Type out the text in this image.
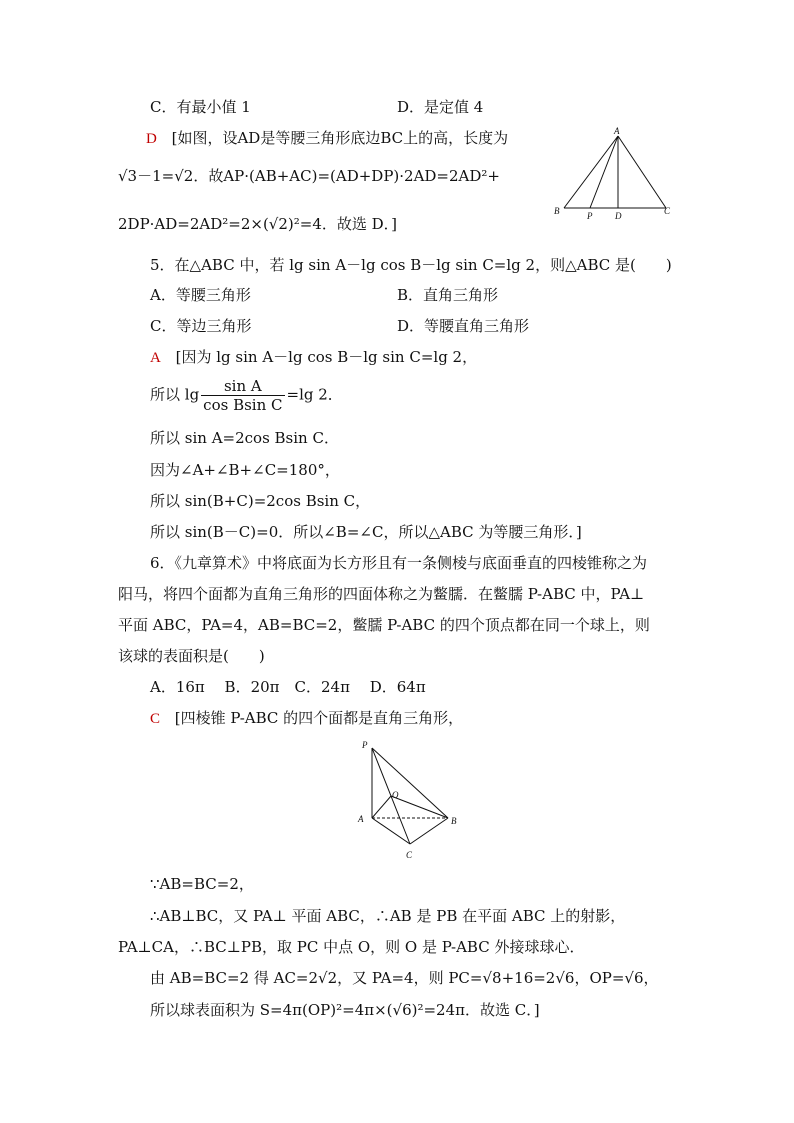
C．有最小值 1	D．是定值 4
D [如图，设AD是等腰三角形底边BC上的高，长度为
√3－1=√2．故AP·(AB+AC)=(AD+DP)·2AD=2AD²+
2DP·AD=2AD²=2×(√2)²=4．故选 D．]
A
B	P	D	C
5．在△ABC 中，若 lg sin A－lg cos B－lg sin C=lg 2，则△ABC 是(　　)
A．等腰三角形	B．直角三角形
C．等边三角形	D．等腰直角三角形
A [因为 lg sin A－lg cos B－lg sin C=lg 2，
所以 $\lg \frac{\text{sin A}}{\text{cos Bsin C}} =\lg$ 2．
所以 sin A=2cos Bsin C．
因为∠A+∠B+∠C=180°，
所以 sin(B+C)=2cos Bsin C，
所以 sin(B－C)=0．所以∠B=∠C，所以△ABC 为等腰三角形．]
6．《九章算术》中将底面为长方形且有一条侧棱与底面垂直的四棱锥称之为
阳马，将四个面都为直角三角形的四面体称之为鳖臑．在鳖臑 P-ABC 中，PA⊥
平面 ABC，PA=4，AB=BC=2，鳖臑 P-ABC 的四个顶点都在同一个球上，则
该球的表面积是(　　)
A．16π　 B．20π　C．24π　 D．64π
C [四棱锥 P-ABC 的四个面都是直角三角形，
P
O
A	B
C
∵AB=BC=2，
∴AB⊥BC，又 PA⊥ 平面 ABC，∴AB 是 PB 在平面 ABC 上的射影，
PA⊥CA，∴BC⊥PB，取 PC 中点 O，则 O 是 P-ABC 外接球球心．
由 AB=BC=2 得 AC=2√2，又 PA=4，则 PC=√8+16=2√6，OP=√6，
所以球表面积为 S=4π(OP)²=4π×(√6)²=24π．故选 C．]
